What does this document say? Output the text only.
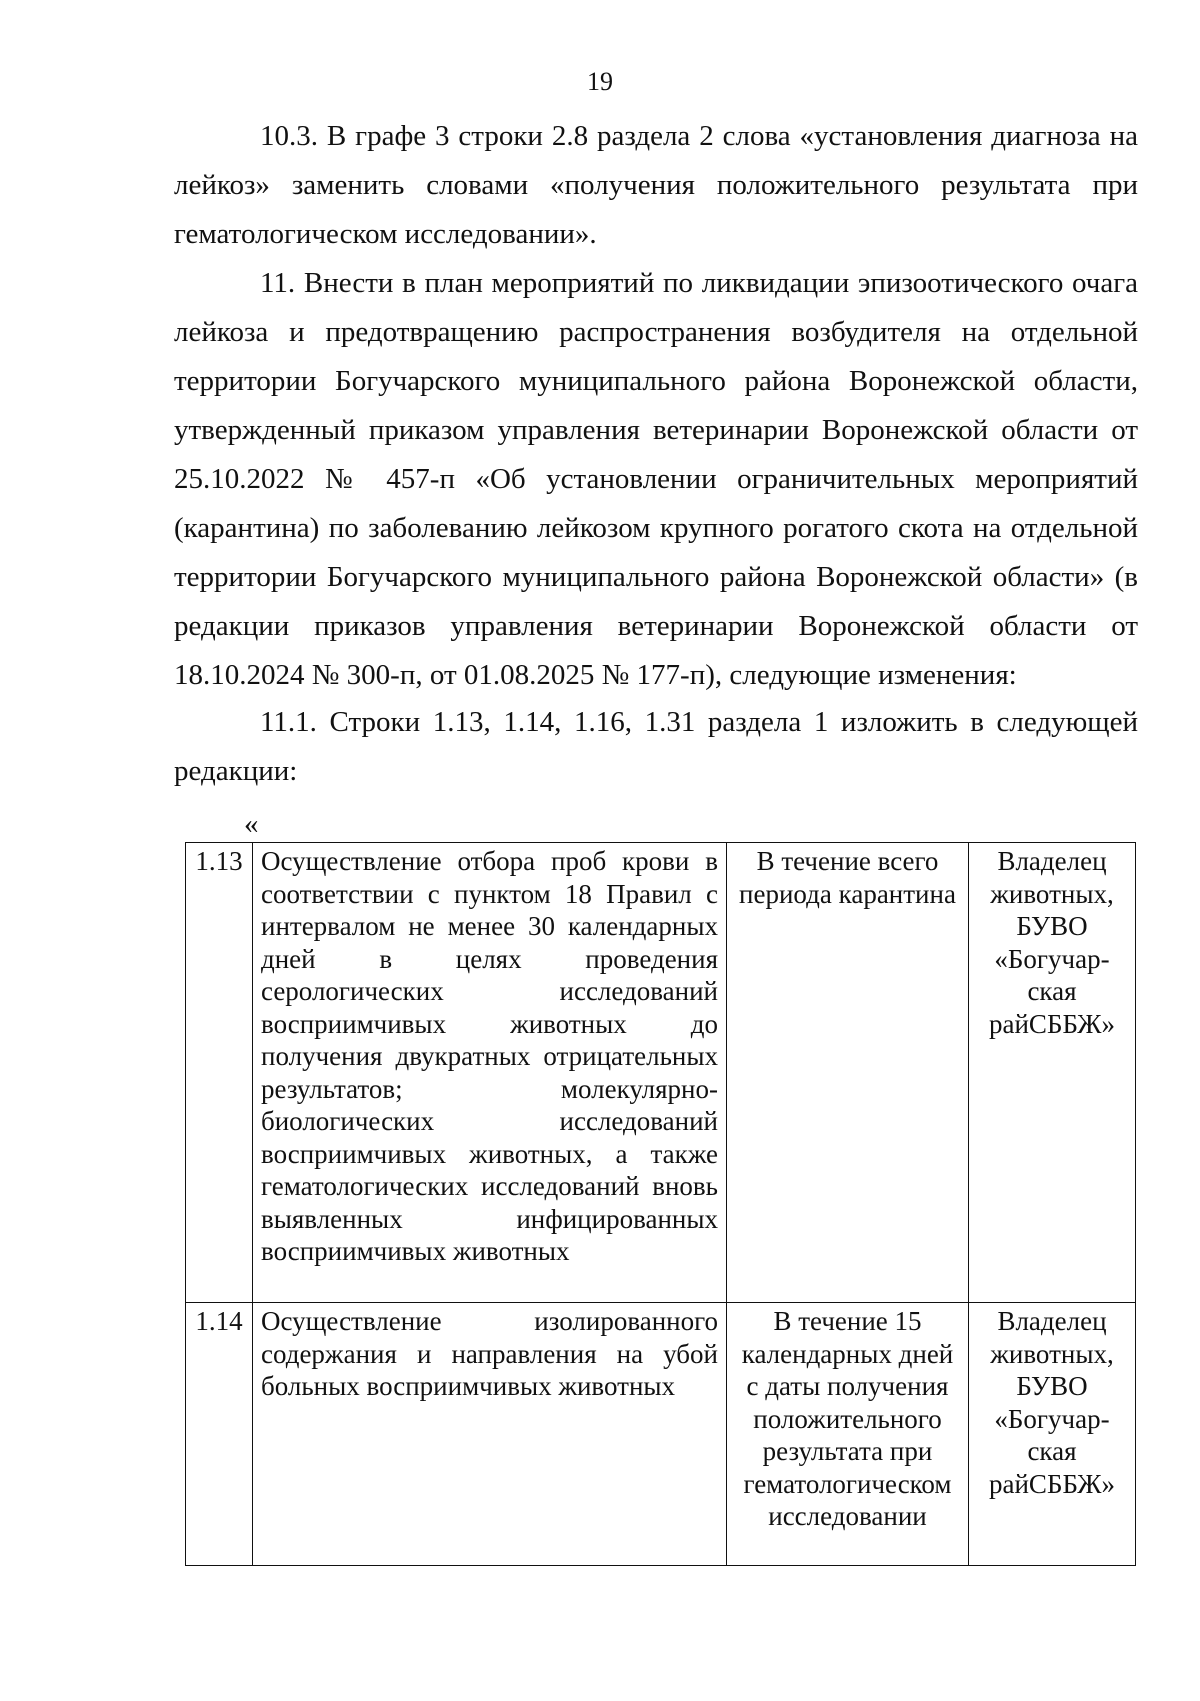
19

10.3. В графе 3 строки 2.8 раздела 2 слова «установления диагноза на лейкоз» заменить словами «получения положительного результата при гематологическом исследовании».

11. Внести в план мероприятий по ликвидации эпизоотического очага лейкоза и предотвращению распространения возбудителя на отдельной территории Богучарского муниципального района Воронежской области, утвержденный приказом управления ветеринарии Воронежской области от 25.10.2022 № 457-п «Об установлении ограничительных мероприятий (карантина) по заболеванию лейкозом крупного рогатого скота на отдельной территории Богучарского муниципального района Воронежской области» (в редакции приказов управления ветеринарии Воронежской области от 18.10.2024 № 300-п, от 01.08.2025 № 177-п), следующие изменения:

11.1. Строки 1.13, 1.14, 1.16, 1.31 раздела 1 изложить в следующей редакции:

«
1.13	Осуществление отбора проб крови в соответствии с пунктом 18 Правил с интервалом не менее 30 календарных дней в целях проведения серологических исследований восприимчивых животных до получения двукратных отрицательных результатов; молекулярно-биологических исследований восприимчивых животных, а также гематологических исследований вновь выявленных инфицированных восприимчивых животных	В течение всего периода карантина	Владелец животных, БУВО «Богучар-ская райСББЖ»
1.14	Осуществление изолированного содержания и направления на убой больных восприимчивых животных	В течение 15 календарных дней с даты получения положительного результата при гематологическом исследовании	Владелец животных, БУВО «Богучар-ская райСББЖ»
